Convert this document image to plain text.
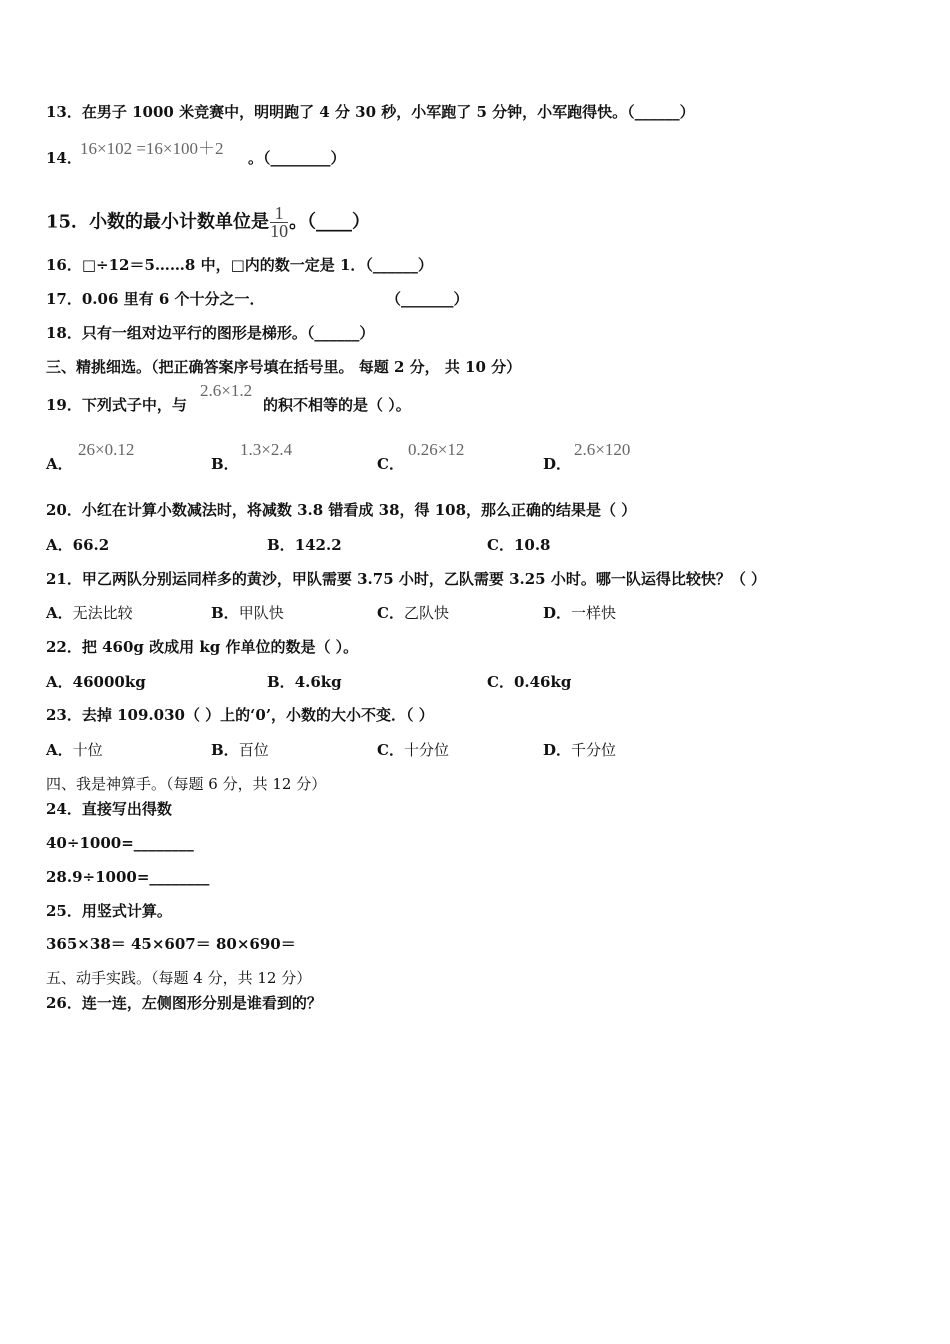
13．在男子 1000 米竞赛中，明明跑了 4 分 30 秒，小军跑了 5 分钟，小军跑得快。（______）
14．
16×102 =16×100＋2 。（________）
15．小数的最小计数单位是 $\frac{1}{10}$ 。（____）
16．□÷12＝5……8 中，□内的数一定是 1．（______）
17．0.06 里有 6 个十分之一．	（_______）
18．只有一组对边平行的图形是梯形。（______）
三、精挑细选。（把正确答案序号填在括号里。 每题 2 分， 共 10 分）
19．下列式子中，与
2.6×1.2
的积不相等的是（ ）。
A．
26×0.12
B．
1.3×2.4
C．
0.26×12
D．
2.6×120
20．小红在计算小数减法时，将减数 3.8 错看成 38，得 108，那么正确的结果是（ ）
A．66.2	B．142.2	C．10.8
21．甲乙两队分别运同样多的黄沙，甲队需要 3.75 小时，乙队需要 3.25 小时。哪一队运得比较快？（ ）
A．无法比较	B．甲队快	C．乙队快	D．一样快
22．把 460g 改成用 kg 作单位的数是（ ）。
A．46000kg	B．4.6kg	C．0.46kg
23．去掉 109.030（ ）上的‘0’，小数的大小不变．（ ）
A．十位	B．百位	C．十分位	D．千分位
四、我是神算手。（每题 6 分，共 12 分）
24．直接写出得数
40÷1000=________
28.9÷1000=________
25．用竖式计算。
365×38＝ 45×607＝ 80×690＝
五、动手实践。（每题 4 分，共 12 分）
26．连一连，左侧图形分别是谁看到的？
